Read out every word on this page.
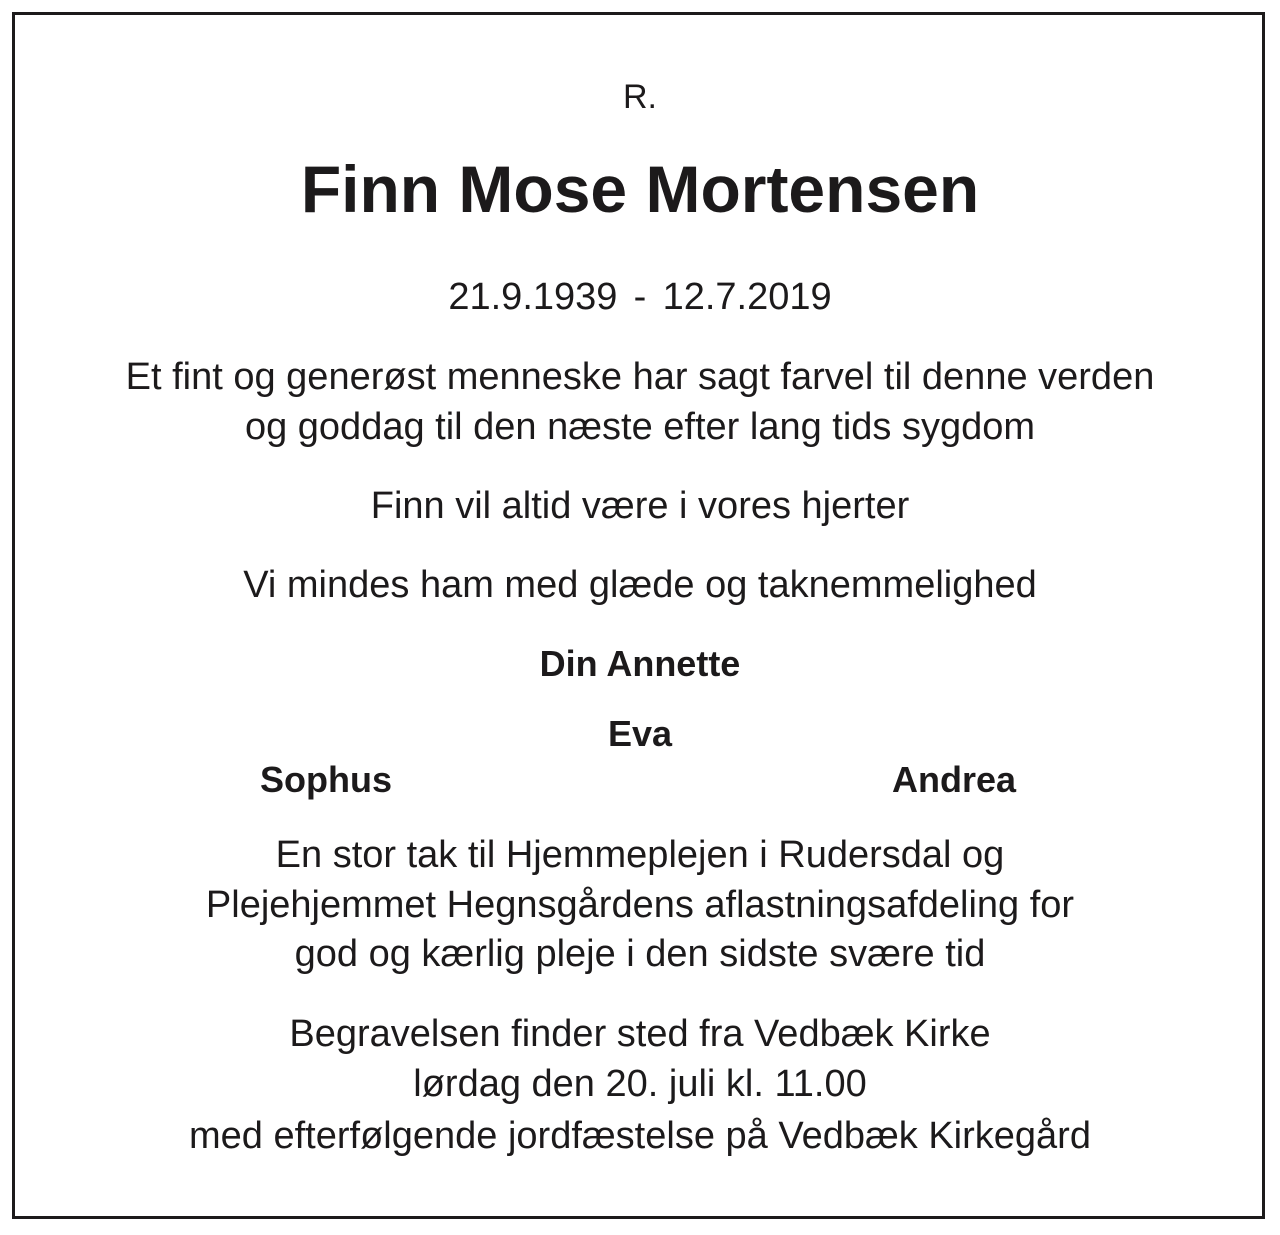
R.
Finn Mose Mortensen
21.9.1939 - 12.7.2019
Et fint og generøst menneske har sagt farvel til denne verden
og goddag til den næste efter lang tids sygdom
Finn vil altid være i vores hjerter
Vi mindes ham med glæde og taknemmelighed
Din Annette
Eva
Sophus	Andrea
En stor tak til Hjemmeplejen i Rudersdal og
Plejehjemmet Hegnsgårdens aflastningsafdeling for
god og kærlig pleje i den sidste svære tid
Begravelsen finder sted fra Vedbæk Kirke
lørdag den 20. juli kl. 11.00
med efterfølgende jordfæstelse på Vedbæk Kirkegård
